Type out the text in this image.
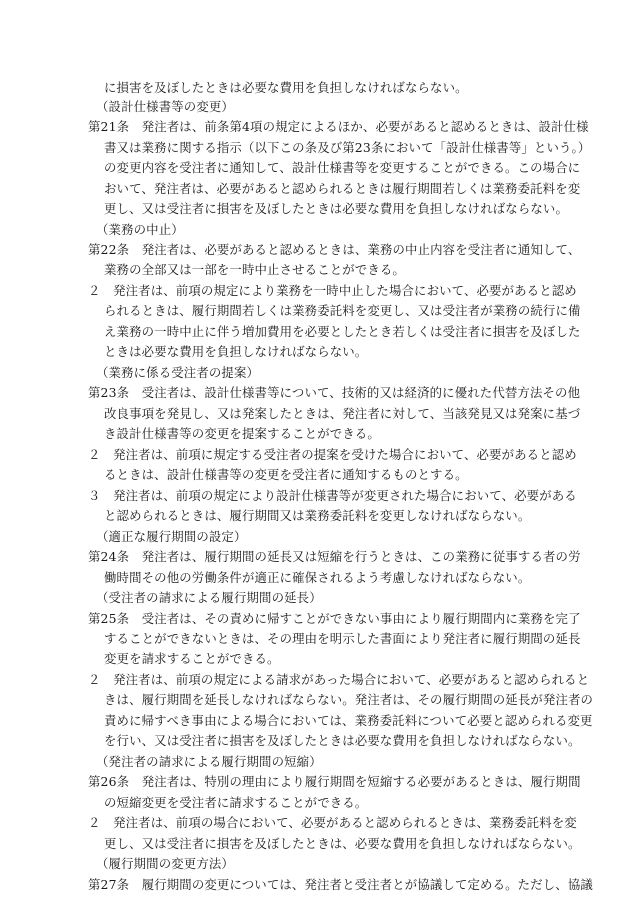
に損害を及ぼしたときは必要な費用を負担しなければならない。
（設計仕様書等の変更）
第21条　発注者は、前条第4項の規定によるほか、必要があると認めるときは、設計仕様
書又は業務に関する指示（以下この条及び第23条において「設計仕様書等」という。）
の変更内容を受注者に通知して、設計仕様書等を変更することができる。この場合に
おいて、発注者は、必要があると認められるときは履行期間若しくは業務委託料を変
更し、又は受注者に損害を及ぼしたときは必要な費用を負担しなければならない。
（業務の中止）
第22条　発注者は、必要があると認めるときは、業務の中止内容を受注者に通知して、
業務の全部又は一部を一時中止させることができる。
２　発注者は、前項の規定により業務を一時中止した場合において、必要があると認め
られるときは、履行期間若しくは業務委託料を変更し、又は受注者が業務の続行に備
え業務の一時中止に伴う増加費用を必要としたとき若しくは受注者に損害を及ぼした
ときは必要な費用を負担しなければならない。
（業務に係る受注者の提案）
第23条　受注者は、設計仕様書等について、技術的又は経済的に優れた代替方法その他
改良事項を発見し、又は発案したときは、発注者に対して、当該発見又は発案に基づ
き設計仕様書等の変更を提案することができる。
２　発注者は、前項に規定する受注者の提案を受けた場合において、必要があると認め
るときは、設計仕様書等の変更を受注者に通知するものとする。
３　発注者は、前項の規定により設計仕様書等が変更された場合において、必要がある
と認められるときは、履行期間又は業務委託料を変更しなければならない。
（適正な履行期間の設定）
第24条　発注者は、履行期間の延長又は短縮を行うときは、この業務に従事する者の労
働時間その他の労働条件が適正に確保されるよう考慮しなければならない。
（受注者の請求による履行期間の延長）
第25条　受注者は、その責めに帰すことができない事由により履行期間内に業務を完了
することができないときは、その理由を明示した書面により発注者に履行期間の延長
変更を請求することができる。
２　発注者は、前項の規定による請求があった場合において、必要があると認められると
きは、履行期間を延長しなければならない。発注者は、その履行期間の延長が発注者の
責めに帰すべき事由による場合においては、業務委託料について必要と認められる変更
を行い、又は受注者に損害を及ぼしたときは必要な費用を負担しなければならない。
（発注者の請求による履行期間の短縮）
第26条　発注者は、特別の理由により履行期間を短縮する必要があるときは、履行期間
の短縮変更を受注者に請求することができる。
２　発注者は、前項の場合において、必要があると認められるときは、業務委託料を変
更し、又は受注者に損害を及ぼしたときは、必要な費用を負担しなければならない。
（履行期間の変更方法）
第27条　履行期間の変更については、発注者と受注者とが協議して定める。ただし、協議
